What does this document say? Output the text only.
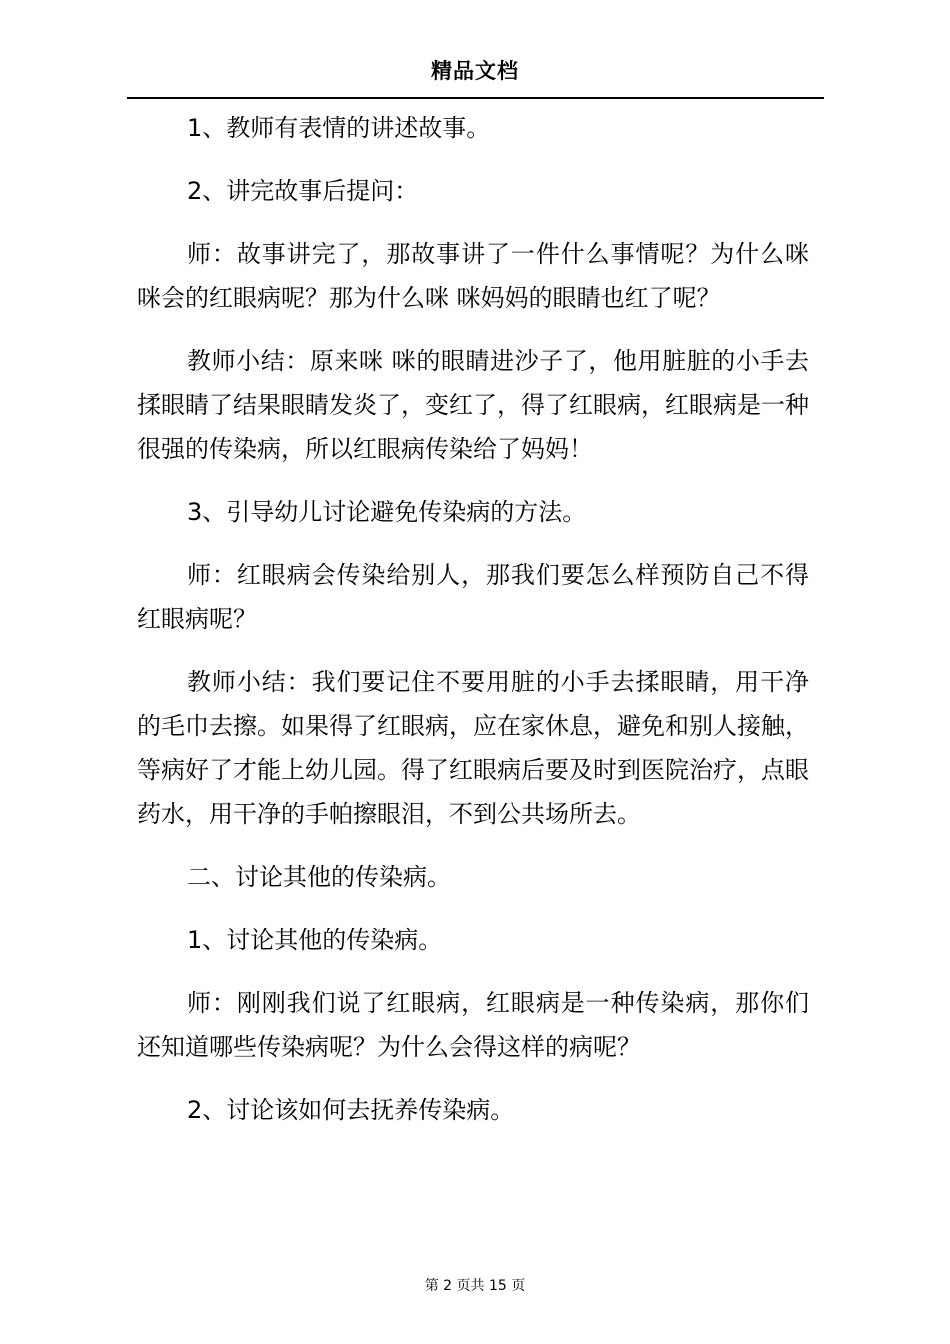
精品文档

1、教师有表情的讲述故事。

2、讲完故事后提问：

师：故事讲完了，那故事讲了一件什么事情呢？为什么咪 咪会的红眼病呢？那为什么咪 咪妈妈的眼睛也红了呢？

教师小结：原来咪 咪的眼睛进沙子了，他用脏脏的小手去揉眼睛了结果眼睛发炎了，变红了，得了红眼病，红眼病是一种很强的传染病，所以红眼病传染给了妈妈！

3、引导幼儿讨论避免传染病的方法。

师：红眼病会传染给别人，那我们要怎么样预防自己不得红眼病呢？

教师小结：我们要记住不要用脏的小手去揉眼睛，用干净的毛巾去擦。如果得了红眼病，应在家休息，避免和别人接触，等病好了才能上幼儿园。得了红眼病后要及时到医院治疗，点眼药水，用干净的手帕擦眼泪，不到公共场所去。

二、讨论其他的传染病。

1、讨论其他的传染病。

师：刚刚我们说了红眼病，红眼病是一种传染病，那你们还知道哪些传染病呢？为什么会得这样的病呢？

2、讨论该如何去抚养传染病。

第 2 页共 15 页
